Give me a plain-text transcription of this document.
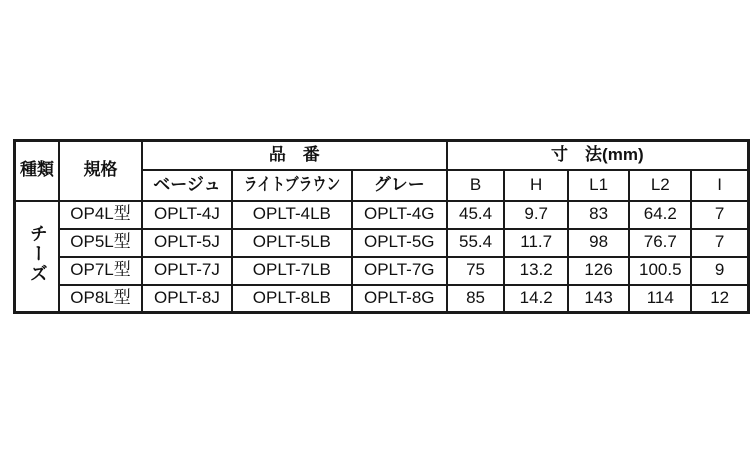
種類	規格	品　番			寸　法(mm)				
		ベージュ	ライトブラウン	グレー	B	H	L1	L2	I
チーズ	OP4L型	OPLT-4J	OPLT-4LB	OPLT-4G	45.4	9.7	83	64.2	7
	OP5L型	OPLT-5J	OPLT-5LB	OPLT-5G	55.4	11.7	98	76.7	7
	OP7L型	OPLT-7J	OPLT-7LB	OPLT-7G	75	13.2	126	100.5	9
	OP8L型	OPLT-8J	OPLT-8LB	OPLT-8G	85	14.2	143	114	12
